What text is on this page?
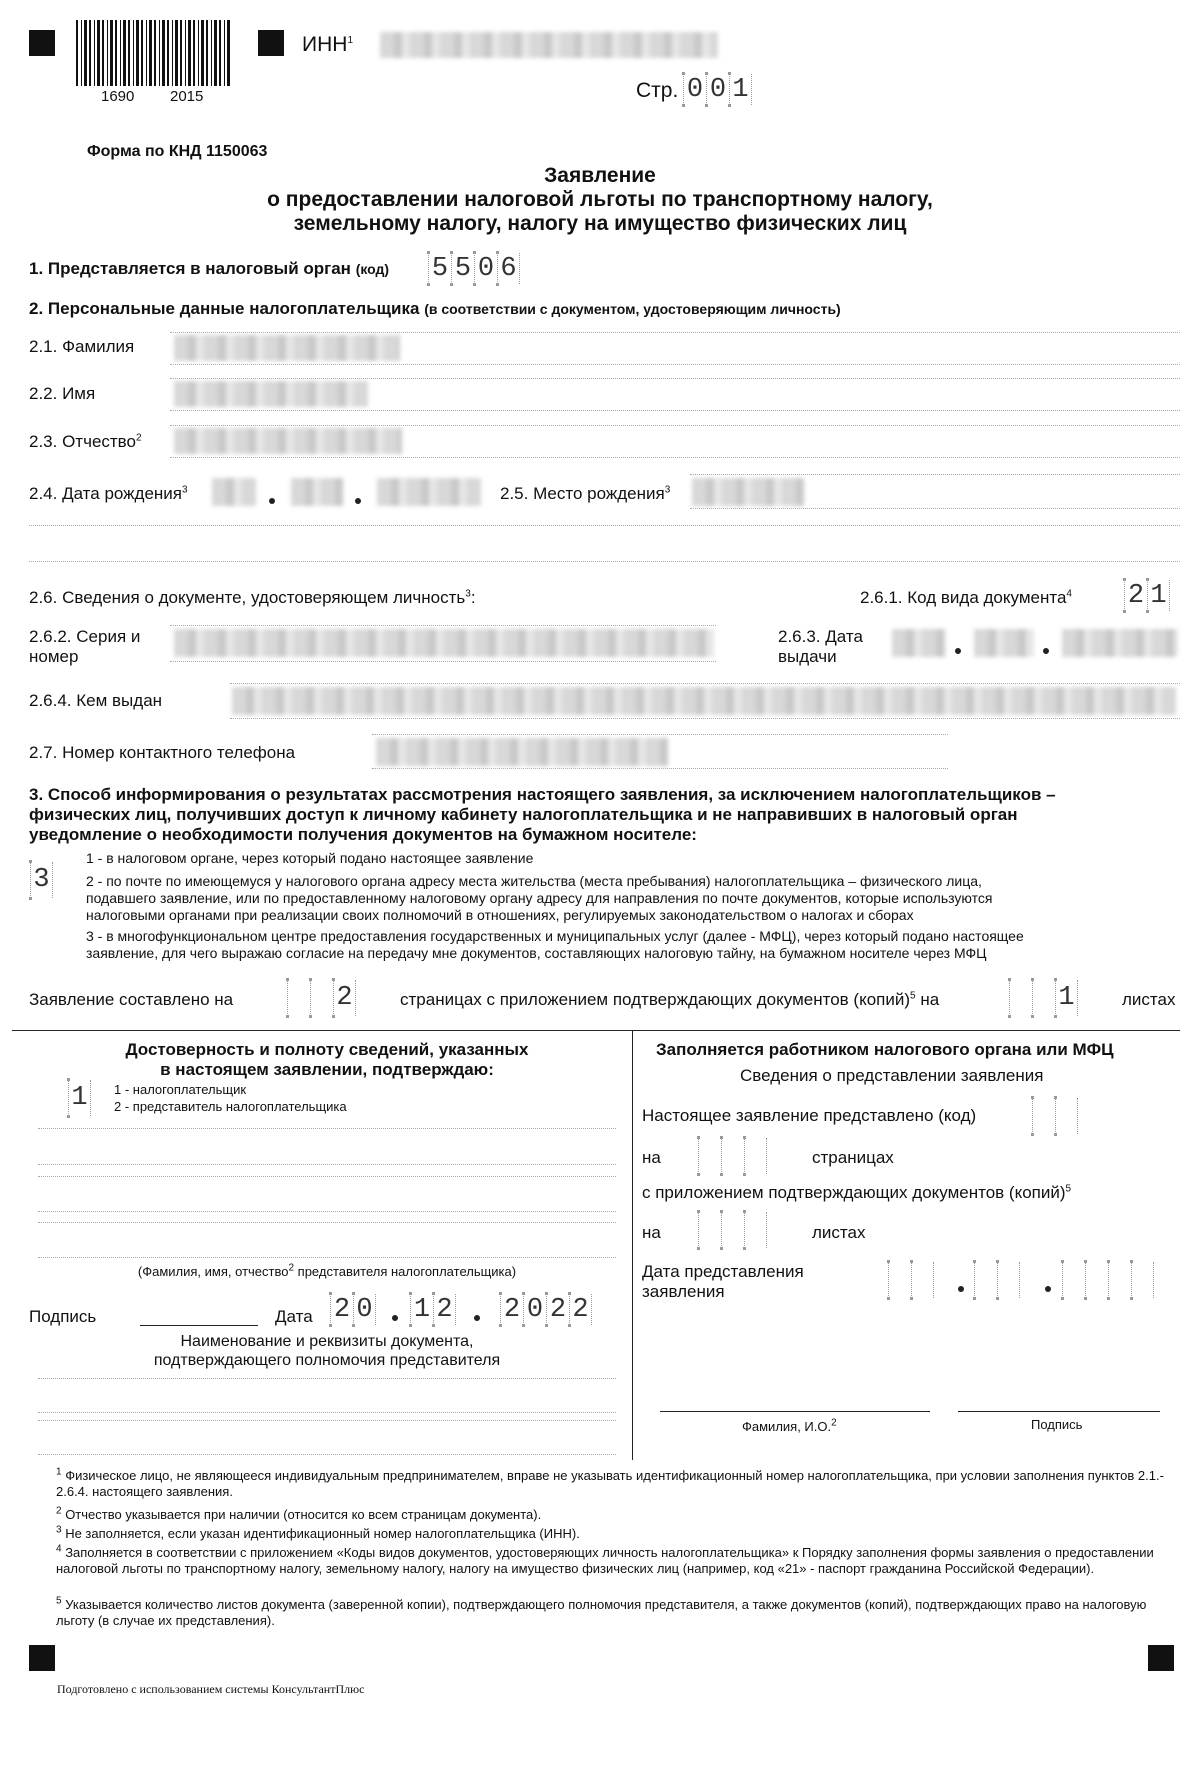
1690 2015
ИНН$^1$
Стр. 0 0 1
Форма по КНД 1150063
Заявление
о предоставлении налоговой льготы по транспортному налогу,
земельному налогу, налогу на имущество физических лиц
1. Представляется в налоговый орган (код) 5 5 0 6
2. Персональные данные налогоплательщика (в соответствии с документом, удостоверяющим личность)
2.1. Фамилия
2.2. Имя
2.3. Отчество$^2$
2.4. Дата рождения$^3$	2.5. Место рождения$^3$
2.6. Сведения о документе, удостоверяющем личность$^3$:	2.6.1. Код вида документа$^4$ 2 1
2.6.2. Серия и
номер
2.6.3. Дата
выдачи
2.6.4. Кем выдан
2.7. Номер контактного телефона
3. Способ информирования о результатах рассмотрения настоящего заявления, за исключением налогоплательщиков –
физических лиц, получивших доступ к личному кабинету налогоплательщика и не направивших в налоговый орган
уведомление о необходимости получения документов на бумажном носителе:
3
1 - в налоговом органе, через который подано настоящее заявление
2 - по почте по имеющемуся у налогового органа адресу места жительства (места пребывания) налогоплательщика – физического лица,
подавшего заявление, или по предоставленному налоговому органу адресу для направления по почте документов, которые используются
налоговыми органами при реализации своих полномочий в отношениях, регулируемых законодательством о налогах и сборах
3 - в многофункциональном центре предоставления государственных и муниципальных услуг (далее - МФЦ), через который подано настоящее
заявление, для чего выражаю согласие на передачу мне документов, составляющих налоговую тайну, на бумажном носителе через МФЦ
Заявление составлено на	2	страницах с приложением подтверждающих документов (копий)$^5$ на	1	листах
Достоверность и полноту сведений, указанных
в настоящем заявлении, подтверждаю:
1 1 - налогоплательщик
2 - представитель налогоплательщика
(Фамилия, имя, отчество$^2$ представителя налогоплательщика)
Подпись	Дата 2 0 1 2 2 0 2 2
Наименование и реквизиты документа,
подтверждающего полномочия представителя
Заполняется работником налогового органа или МФЦ
Сведения о представлении заявления
Настоящее заявление представлено (код)
на	страницах
с приложением подтверждающих документов (копий)$^5$
на	листах
Дата представления
заявления
Фамилия, И.О.$^2$	Подпись
$^1$ Физическое лицо, не являющееся индивидуальным предпринимателем, вправе не указывать идентификационный номер налогоплательщика, при условии заполнения пунктов 2.1.- 2.6.4. настоящего заявления.
$^2$ Отчество указывается при наличии (относится ко всем страницам документа).
$^3$ Не заполняется, если указан идентификационный номер налогоплательщика (ИНН).
$^4$ Заполняется в соответствии с приложением «Коды видов документов, удостоверяющих личность налогоплательщика» к Порядку заполнения формы заявления о предоставлении налоговой льготы по транспортному налогу, земельному налогу, налогу на имущество физических лиц (например, код «21» - паспорт гражданина Российской Федерации).
$^5$ Указывается количество листов документа (заверенной копии), подтверждающего полномочия представителя, а также документов (копий), подтверждающих право на налоговую льготу (в случае их представления).
Подготовлено с использованием системы КонсультантПлюс
